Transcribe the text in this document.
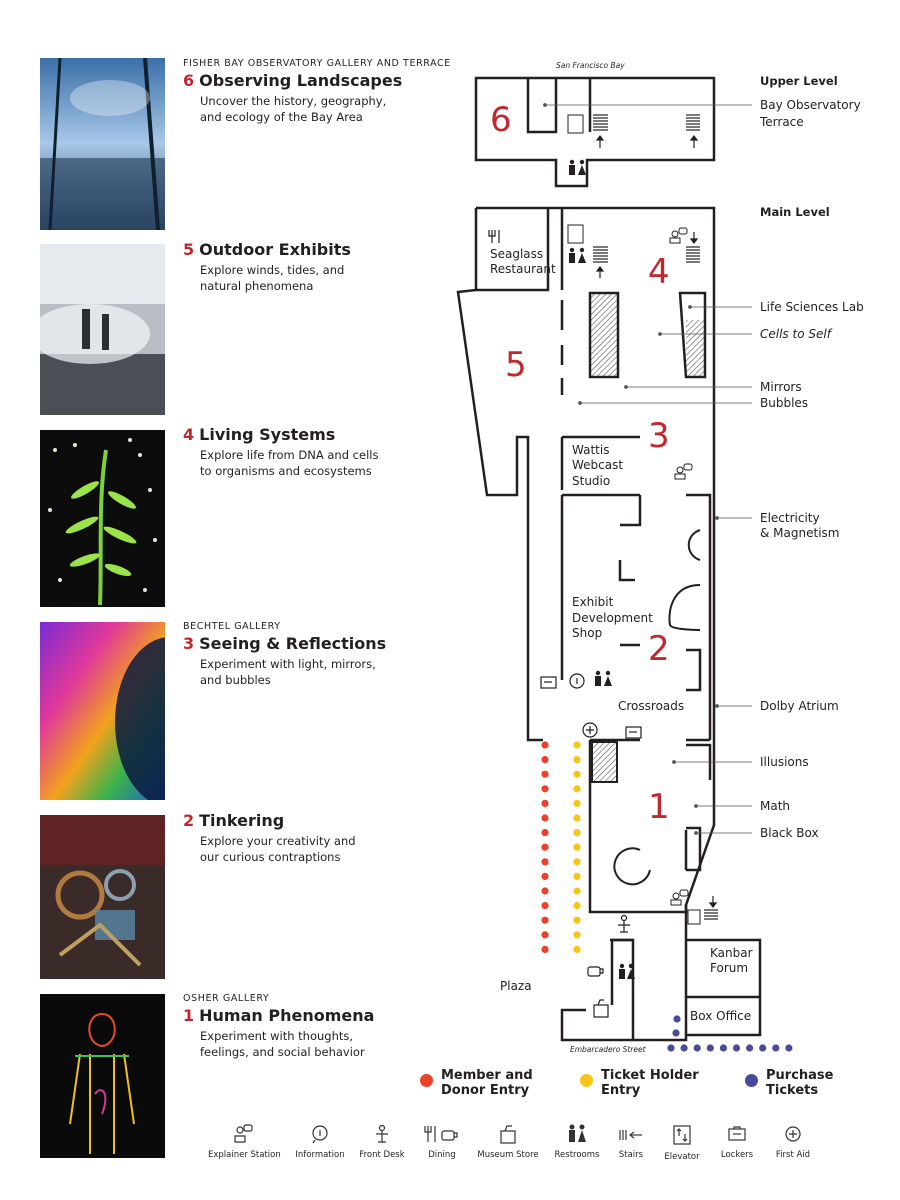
FISHER BAY OBSERVATORY GALLERY AND TERRACE
6 Observing Landscapes
Uncover the history, geography,
and ecology of the Bay Area
5 Outdoor Exhibits
Explore winds, tides, and
natural phenomena
4 Living Systems
Explore life from DNA and cells
to organisms and ecosystems
BECHTEL GALLERY
3 Seeing & Reflections
Experiment with light, mirrors,
and bubbles
2 Tinkering
Explore your creativity and
our curious contraptions
OSHER GALLERY
1 Human Phenomena
Experiment with thoughts,
feelings, and social behavior
6
5
4
3
2
1
San Francisco Bay
Upper Level
Main Level
Embarcadero Street
Seaglass
Restaurant
Wattis
Webcast
Studio
Exhibit
Development
Shop
Crossroads
Plaza
Kanbar
Forum
Box Office
Bay Observatory
Terrace
Life Sciences Lab
Cells to Self
Mirrors
Bubbles
Electricity
& Magnetism
Dolby Atrium
Illusions
Math
Black Box
Member and
Donor Entry
Ticket Holder
Entry
Purchase
Tickets
Explainer Station	Information	Front Desk	Dining	Museum Store	Restrooms	Stairs	Elevator	Lockers	First Aid
